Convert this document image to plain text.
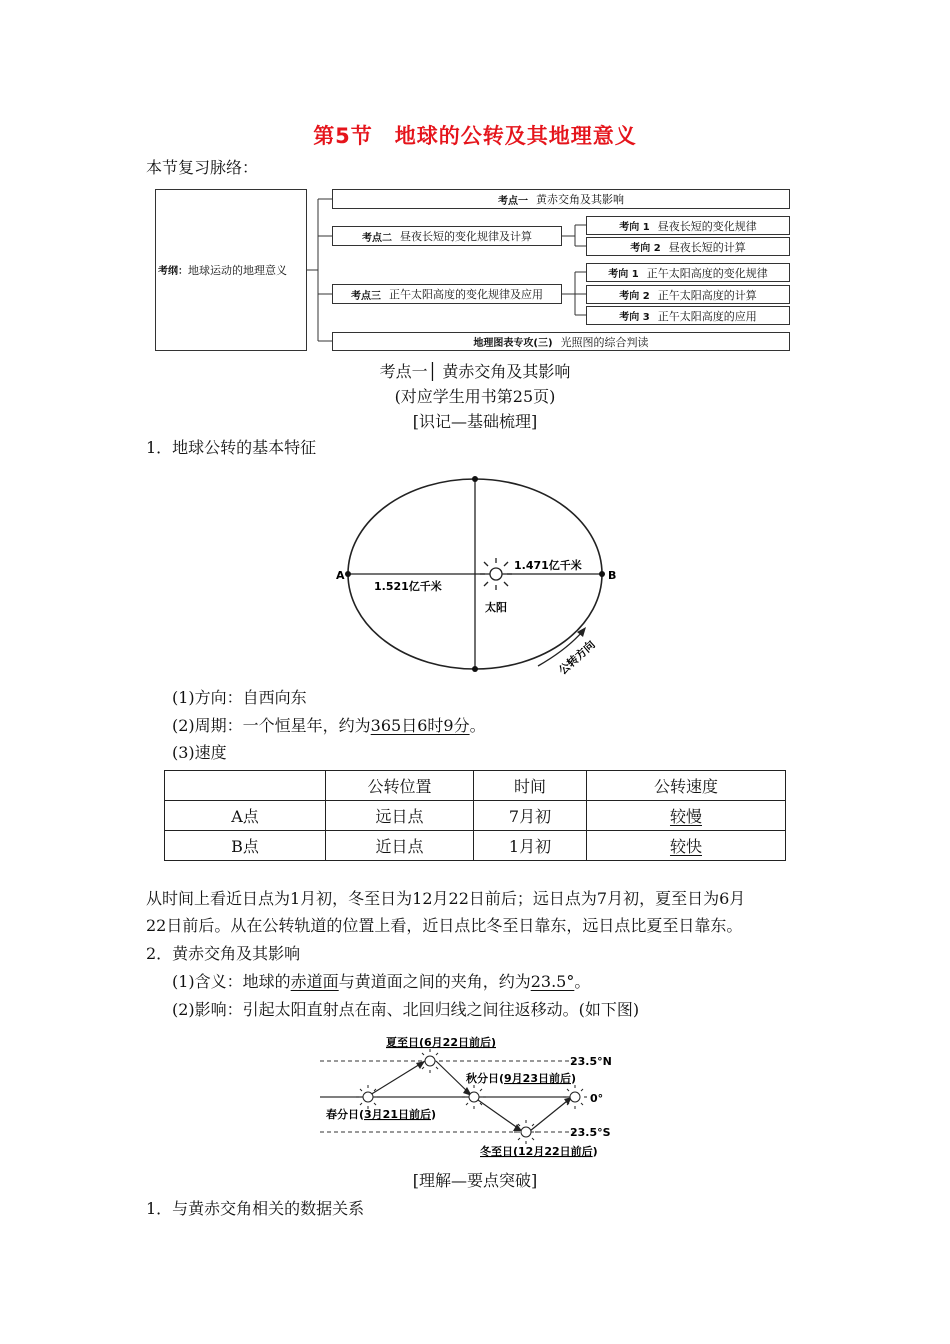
第5节　地球的公转及其地理意义
本节复习脉络：
考纲：地球运动的地理意义
考点一 黄赤交角及其影响
考点二 昼夜长短的变化规律及计算
考向 1 昼夜长短的变化规律
考向 2 昼夜长短的计算
考点三 正午太阳高度的变化规律及应用
考向 1 正午太阳高度的变化规律
考向 2 正午太阳高度的计算
考向 3 正午太阳高度的应用
地理图表专攻(三) 光照图的综合判读
考点一│ 黄赤交角及其影响
(对应学生用书第25页)
[识记—基础梳理]
1．地球公转的基本特征
A	B
1.521亿千米
1.471亿千米
太阳
公转方向
(1)方向：自西向东
(2)周期：一个恒星年，约为365日6时9分。
(3)速度
	公转位置	时间	公转速度
A点	远日点	7月初	较慢
B点	近日点	1月初	较快
从时间上看近日点为1月初，冬至日为12月22日前后；远日点为7月初，夏至日为6月
22日前后。从在公转轨道的位置上看，近日点比冬至日靠东，远日点比夏至日靠东。
2．黄赤交角及其影响
(1)含义：地球的赤道面与黄道面之间的夹角，约为23.5°。
(2)影响：引起太阳直射点在南、北回归线之间往返移动。(如下图)
夏至日(6月22日前后)
23.5°N
秋分日(9月23日前后)
0°
春分日(3月21日前后)
23.5°S
冬至日(12月22日前后)
[理解—要点突破]
1．与黄赤交角相关的数据关系
